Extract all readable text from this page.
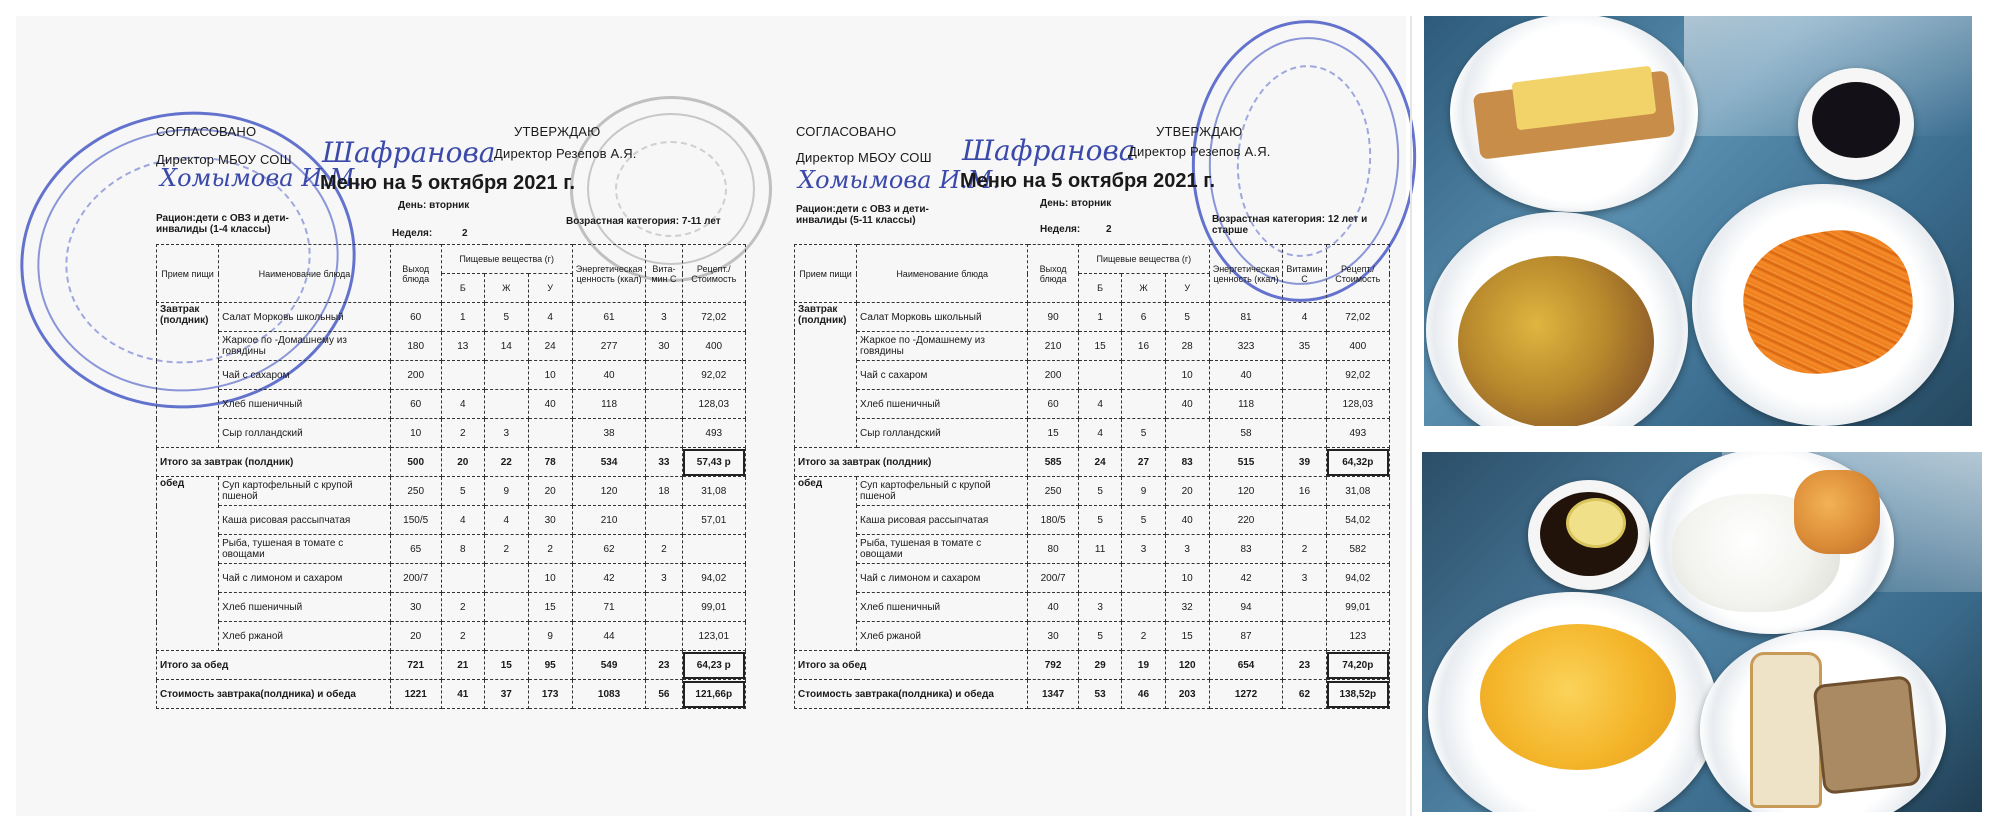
СОГЛАСОВАНО	УТВЕРЖДАЮ
Директор МБОУ СОШ Шафранова
Директор Резепов А.Я.
Хомымова И.М.
Меню на 5 октября 2021 г.
Рацион:дети с ОВЗ и дети-инвалиды (1-4 классы)
День: вторник
Неделя:	2
Возрастная категория: 7-11 лет
Прием пищи	Наименование блюда	Выход блюда	Пищевые вещества (г)			Энергетическая ценность (ккал)	Вита-мин С	Рецепт./Стоимость
			Б	Ж	У			
Завтрак (полдник)	Салат Морковь школьный	60	1	5	4	61	3	72,02
	Жаркое по -Домашнему из говядины	180	13	14	24	277	30	400
	Чай с сахаром	200			10	40		92,02
	Хлеб пшеничный	60	4		40	118		128,03
	Сыр голландский	10	2	3		38		493
Итого за завтрак (полдник)		500	20	22	78	534	33	57,43 р
обед	Суп картофельный с крупой пшеной	250	5	9	20	120	18	31,08
	Каша рисовая рассыпчатая	150/5	4	4	30	210		57,01
	Рыба, тушеная в томате с овощами	65	8	2	2	62	2	
	Чай с лимоном и сахаром	200/7			10	42	3	94,02
	Хлеб пшеничный	30	2		15	71		99,01
	Хлеб ржаной	20	2		9	44		123,01
Итого за обед		721	21	15	95	549	23	64,23 р
Стоимость завтрака(полдника) и обеда		1221	41	37	173	1083	56	121,66р
СОГЛАСОВАНО	УТВЕРЖДАЮ
Директор МБОУ СОШ Шафранова
Директор Резепов А.Я.
Хомымова И.М.
Меню на 5 октября 2021 г.
Рацион:дети с ОВЗ и дети-инвалиды (5-11 классы)
День: вторник
Неделя:	2
Возрастная категория: 12 лет и старше
Прием пищи	Наименование блюда	Выход блюда	Пищевые вещества (г)			Энергетическая ценность (ккал)	Витамин С	Рецепт./Стоимость
			Б	Ж	У			
Завтрак (полдник)	Салат Морковь школьный	90	1	6	5	81	4	72,02
	Жаркое по -Домашнему из говядины	210	15	16	28	323	35	400
	Чай с сахаром	200			10	40		92,02
	Хлеб пшеничный	60	4		40	118		128,03
	Сыр голландский	15	4	5		58		493
Итого за завтрак (полдник)		585	24	27	83	515	39	64,32р
обед	Суп картофельный с крупой пшеной	250	5	9	20	120	16	31,08
	Каша рисовая рассыпчатая	180/5	5	5	40	220		54,02
	Рыба, тушеная в томате с овощами	80	11	3	3	83	2	582
	Чай с лимоном и сахаром	200/7			10	42	3	94,02
	Хлеб пшеничный	40	3		32	94		99,01
	Хлеб ржаной	30	5	2	15	87		123
Итого за обед		792	29	19	120	654	23	74,20р
Стоимость завтрака(полдника) и обеда		1347	53	46	203	1272	62	138,52р
